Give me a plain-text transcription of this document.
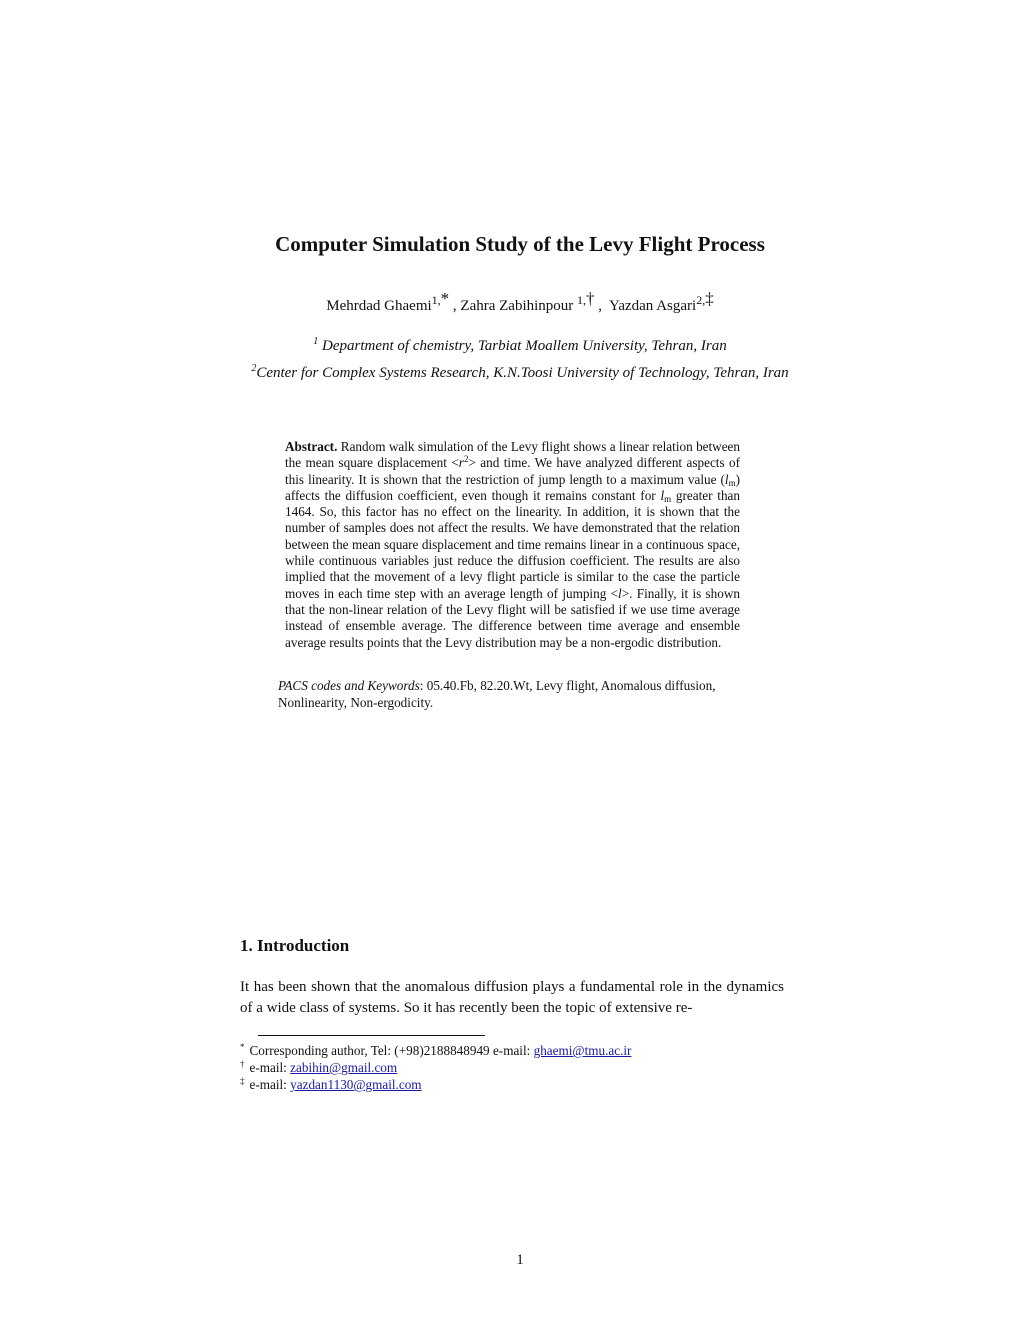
Computer Simulation Study of the Levy Flight Process
Mehrdad Ghaemi$^{1,*}$ , Zahra Zabihinpour $^{1,\dagger}$ , Yazdan Asgari$^{2,\ddagger}$
$^1$ Department of chemistry, Tarbiat Moallem University, Tehran, Iran
$^2$Center for Complex Systems Research, K.N.Toosi University of Technology, Tehran, Iran
Abstract. Random walk simulation of the Levy flight shows a linear relation between the mean square displacement $<r^2>$ and time. We have analyzed different aspects of this linearity. It is shown that the restriction of jump length to a maximum value $(l_m)$ affects the diffusion coefficient, even though it remains constant for $l_m$ greater than 1464. So, this factor has no effect on the linearity. In addition, it is shown that the number of samples does not affect the results. We have demonstrated that the relation between the mean square displacement and time remains linear in a continuous space, while continuous variables just reduce the diffusion coefficient. The results are also implied that the movement of a levy flight particle is similar to the case the particle moves in each time step with an average length of jumping <l>. Finally, it is shown that the non-linear relation of the Levy flight will be satisfied if we use time average instead of ensemble average. The difference between time average and ensemble average results points that the Levy distribution may be a non-ergodic distribution.
PACS codes and Keywords: 05.40.Fb, 82.20.Wt, Levy flight, Anomalous diffusion, Nonlinearity, Non-ergodicity.
1. Introduction
It has been shown that the anomalous diffusion plays a fundamental role in the dynamics of a wide class of systems. So it has recently been the topic of extensive re-
* Corresponding author, Tel: (+98)2188848949 e-mail: ghaemi@tmu.ac.ir
† e-mail: zabihin@gmail.com
‡ e-mail: yazdan1130@gmail.com
1
